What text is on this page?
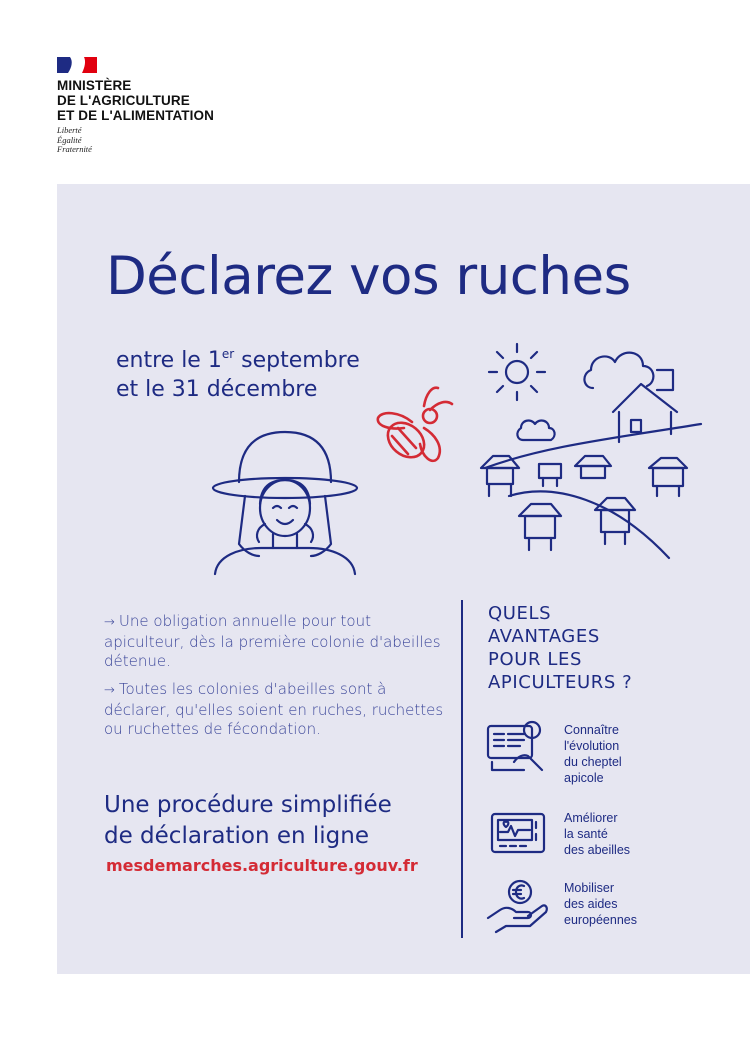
MINISTÈRE
DE L'AGRICULTURE
ET DE L'ALIMENTATION
Liberté
Égalité
Fraternité
Déclarez vos ruches
entre le 1er septembre
et le 31 décembre
→ Une obligation annuelle pour tout apiculteur, dès la première colonie d'abeilles détenue.
→ Toutes les colonies d'abeilles sont à déclarer, qu'elles soient en ruches, ruchettes ou ruchettes de fécondation.
Une procédure simplifiée
de déclaration en ligne
mesdemarches.agriculture.gouv.fr
QUELS
AVANTAGES
POUR LES
APICULTEURS ?
Connaître
l'évolution
du cheptel
apicole
Améliorer
la santé
des abeilles
Mobiliser
des aides
européennes
